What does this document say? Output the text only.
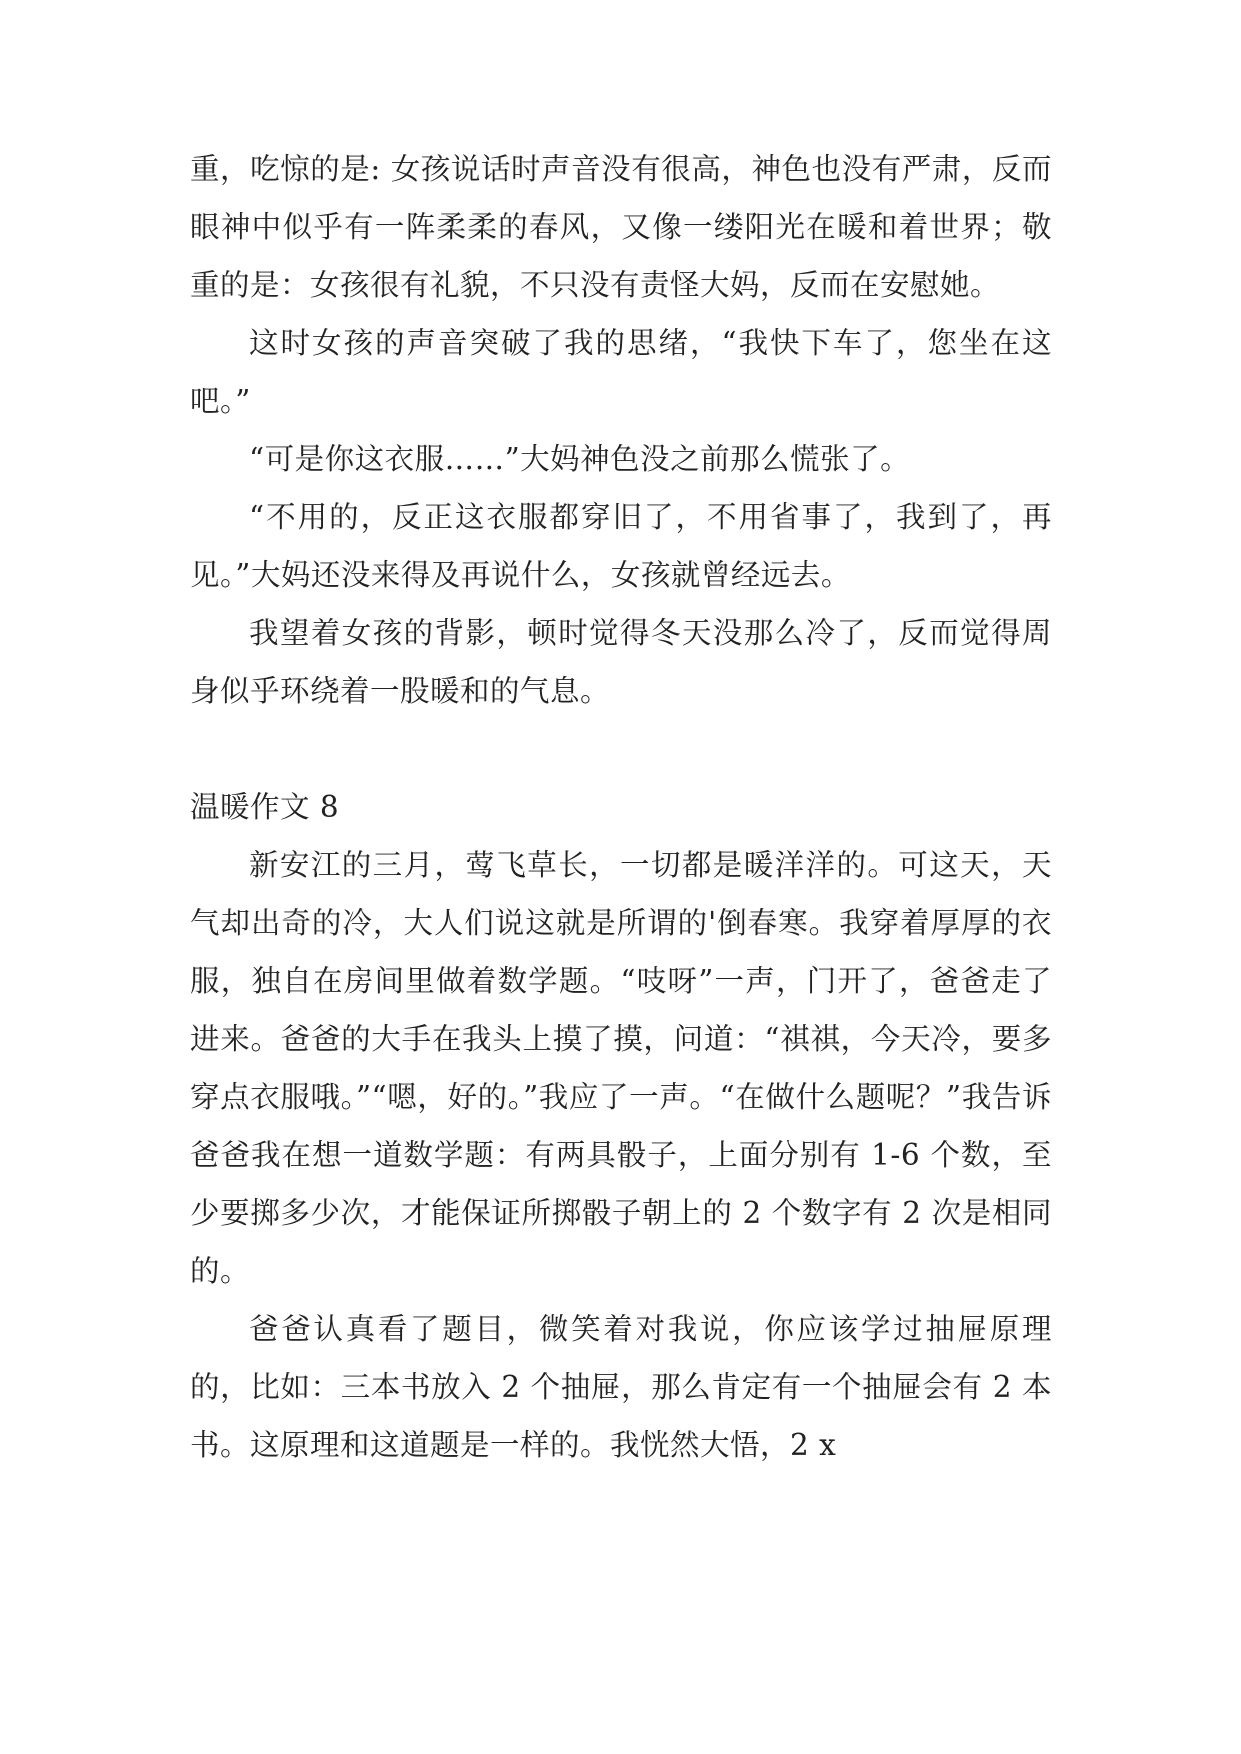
重，吃惊的是: 女孩说话时声音没有很高，神色也没有严肃，反而眼神中似乎有一阵柔柔的春风，又像一缕阳光在暖和着世界；敬重的是：女孩很有礼貌，不只没有责怪大妈，反而在安慰她。

这时女孩的声音突破了我的思绪，“我快下车了，您坐在这吧。”

“可是你这衣服……”大妈神色没之前那么慌张了。

“不用的，反正这衣服都穿旧了，不用省事了，我到了，再见。”大妈还没来得及再说什么，女孩就曾经远去。

我望着女孩的背影，顿时觉得冬天没那么冷了，反而觉得周身似乎环绕着一股暖和的气息。

温暖作文 8

新安江的三月，莺飞草长，一切都是暖洋洋的。可这天，天气却出奇的冷，大人们说这就是所谓的'倒春寒。我穿着厚厚的衣服，独自在房间里做着数学题。“吱呀”一声，门开了，爸爸走了进来。爸爸的大手在我头上摸了摸，问道：“祺祺，今天冷，要多穿点衣服哦。”“嗯，好的。”我应了一声。“在做什么题呢？”我告诉爸爸我在想一道数学题：有两具骰子，上面分别有 1-6 个数，至少要掷多少次，才能保证所掷骰子朝上的 2 个数字有 2 次是相同的。

爸爸认真看了题目，微笑着对我说，你应该学过抽屉原理的，比如：三本书放入 2 个抽屉，那么肯定有一个抽屉会有 2 本书。这原理和这道题是一样的。我恍然大悟，2 x
